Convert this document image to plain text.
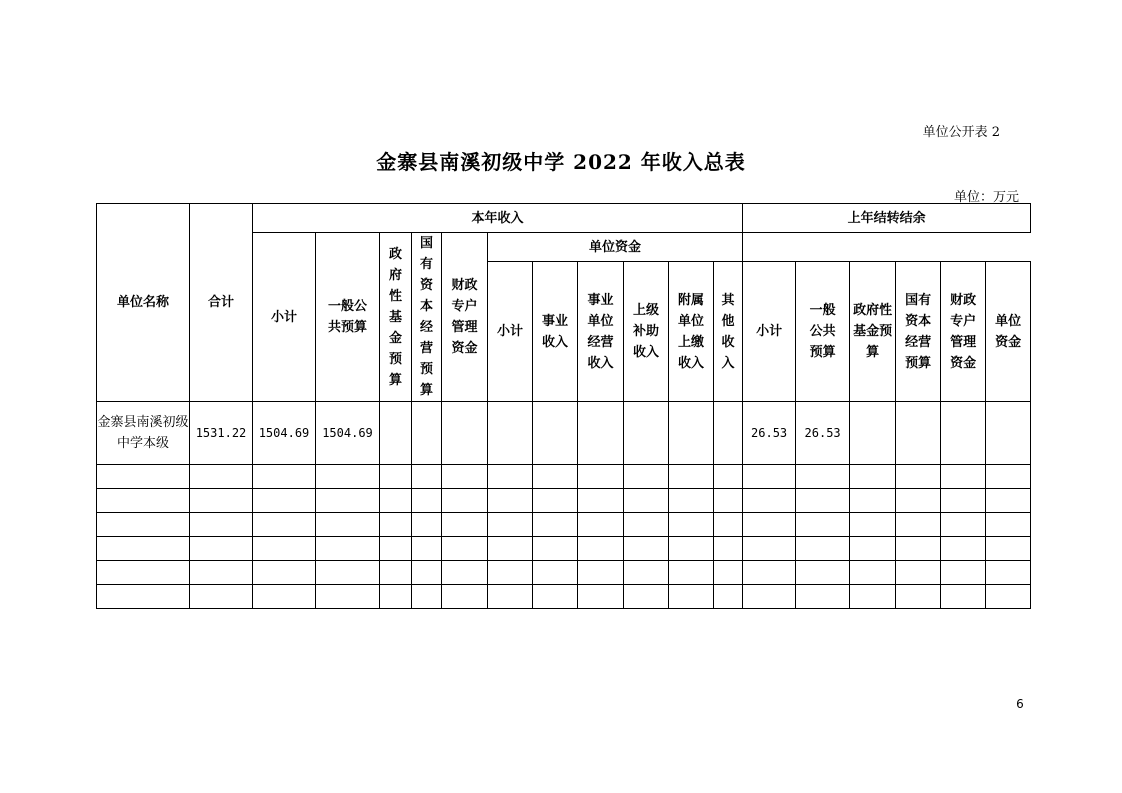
单位公开表 2
金寨县南溪初级中学 2022 年收入总表
单位：万元
单位名称	合计	本年收入											上年结转结余					
		小计	一般公共预算	政府性基金预算	国有资本经营预算	财政专户管理资金	单位资金											
							小计	事业收入	事业单位经营收入	上级补助收入	附属单位上缴收入	其他收入	小计	一般公共预算	政府性基金预算	国有资本经营预算	财政专户管理资金	单位资金
金寨县南溪初级中学本级	1531.22	1504.69	1504.69										26.53	26.53				

6
